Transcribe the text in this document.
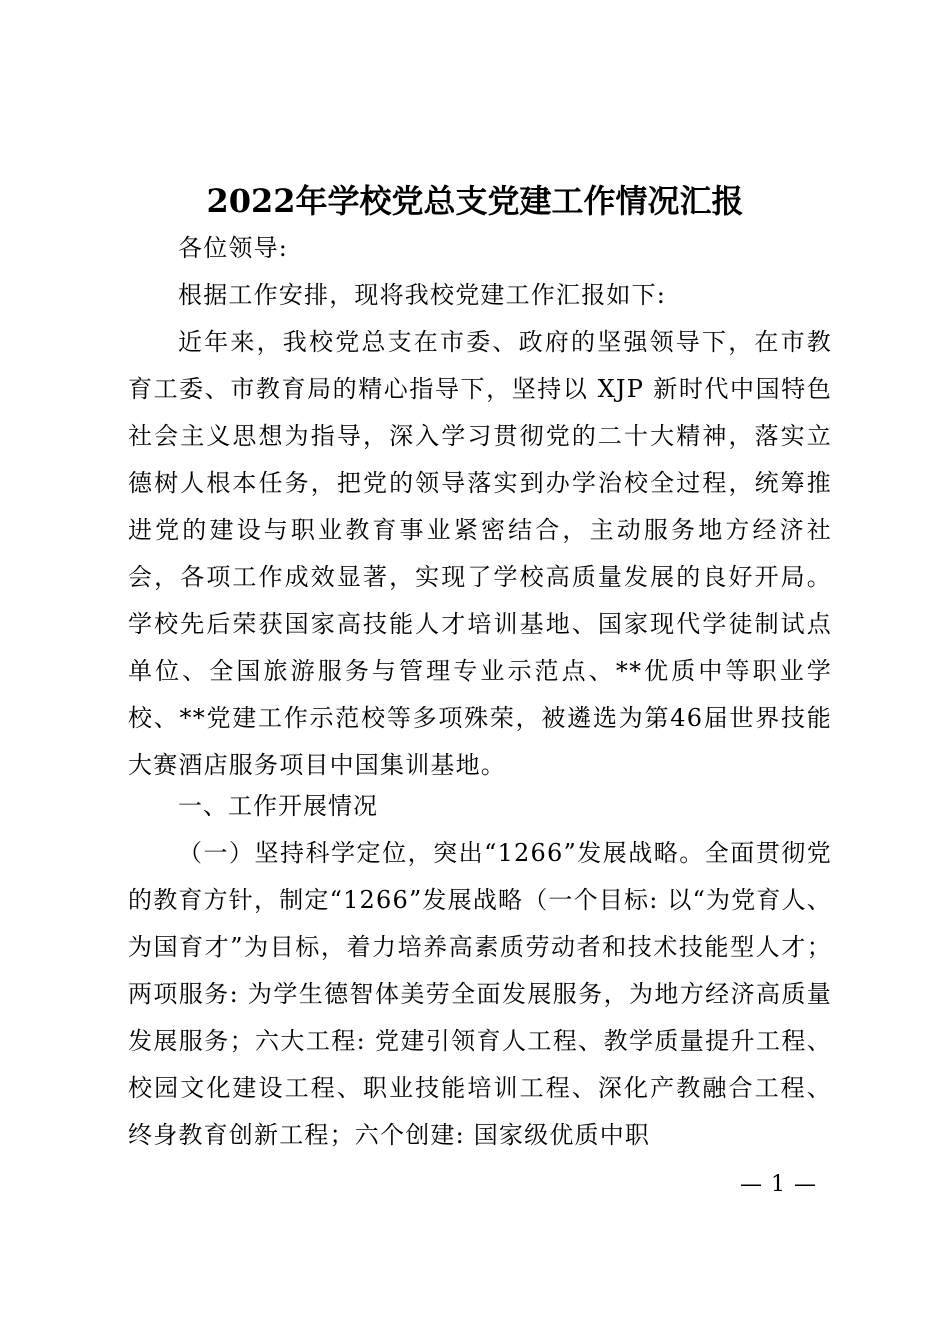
2022年学校党总支党建工作情况汇报
各位领导:
根据工作安排，现将我校党建工作汇报如下:
近年来，我校党总支在市委、政府的坚强领导下，在市教育工委、市教育局的精心指导下，坚持以 XJP 新时代中国特色社会主义思想为指导，深入学习贯彻党的二十大精神，落实立德树人根本任务，把党的领导落实到办学治校全过程，统筹推进党的建设与职业教育事业紧密结合，主动服务地方经济社会，各项工作成效显著，实现了学校高质量发展的良好开局。学校先后荣获国家高技能人才培训基地、国家现代学徒制试点单位、全国旅游服务与管理专业示范点、**优质中等职业学校、**党建工作示范校等多项殊荣，被遴选为第46届世界技能大赛酒店服务项目中国集训基地。
一、工作开展情况
（一）坚持科学定位，突出“1266”发展战略。全面贯彻党的教育方针，制定“1266”发展战略（一个目标: 以“为党育人、为国育才”为目标，着力培养高素质劳动者和技术技能型人才；两项服务: 为学生德智体美劳全面发展服务，为地方经济高质量发展服务；六大工程: 党建引领育人工程、教学质量提升工程、校园文化建设工程、职业技能培训工程、深化产教融合工程、终身教育创新工程；六个创建: 国家级优质中职
— 1 —
